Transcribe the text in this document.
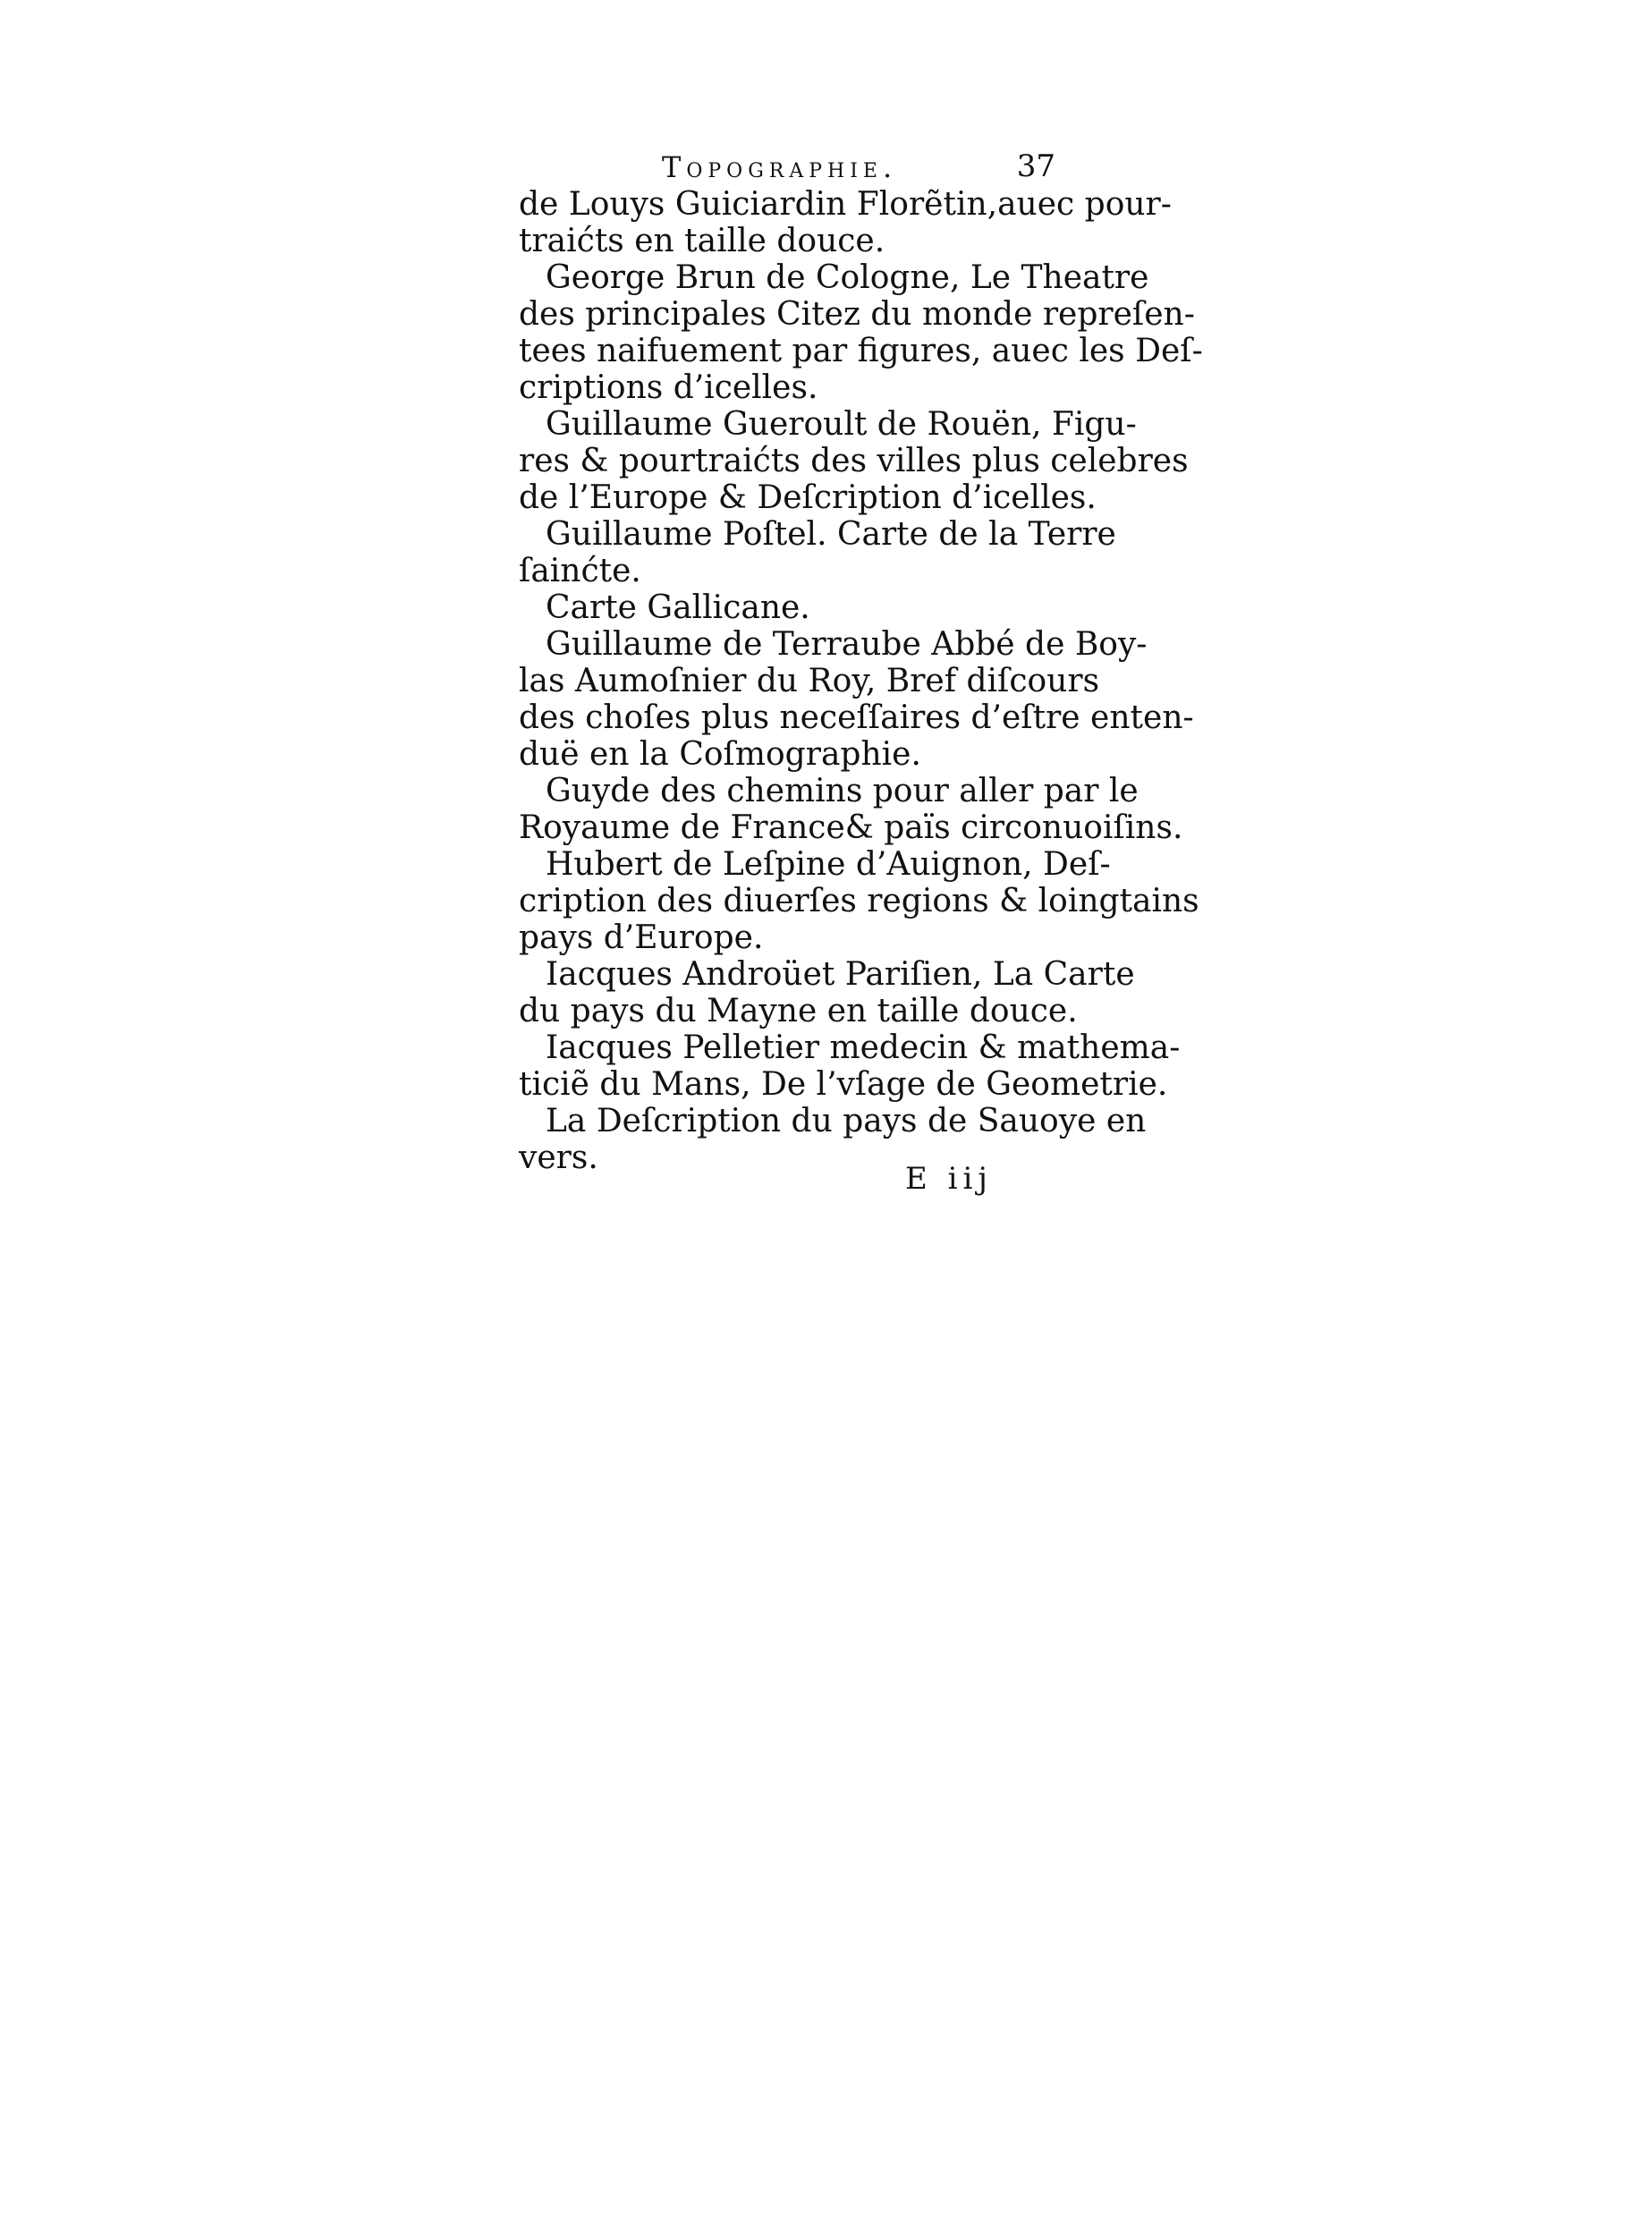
Topographie.	37
de Louys Guiciardin Florẽtin,auec pour-
traićts en taille douce.
George Brun de Cologne, Le Theatre
des principales Citez du monde repreſen-
tees naifuement par figures, auec les Deſ-
criptions d’icelles.
Guillaume Gueroult de Rouën, Figu-
res & pourtraićts des villes plus celebres
de l’Europe & Deſcription d’icelles.
Guillaume Poſtel. Carte de la Terre
ſainćte.
Carte Gallicane.
Guillaume de Terraube Abbé de Boy-
las Aumoſnier du Roy, Bref diſcours
des choſes plus neceſſaires d’eſtre enten-
duë en la Coſmographie.
Guyde des chemins pour aller par le
Royaume de France& païs circonuoiſins.
Hubert de Leſpine d’Auignon, Deſ-
cription des diuerſes regions & loingtains
pays d’Europe.
Iacques Androüet Pariſien, La Carte
du pays du Mayne en taille douce.
Iacques Pelletier medecin & mathema-
ticiẽ du Mans, De l’vſage de Geometrie.
La Deſcription du pays de Sauoye en
vers.
E iij
